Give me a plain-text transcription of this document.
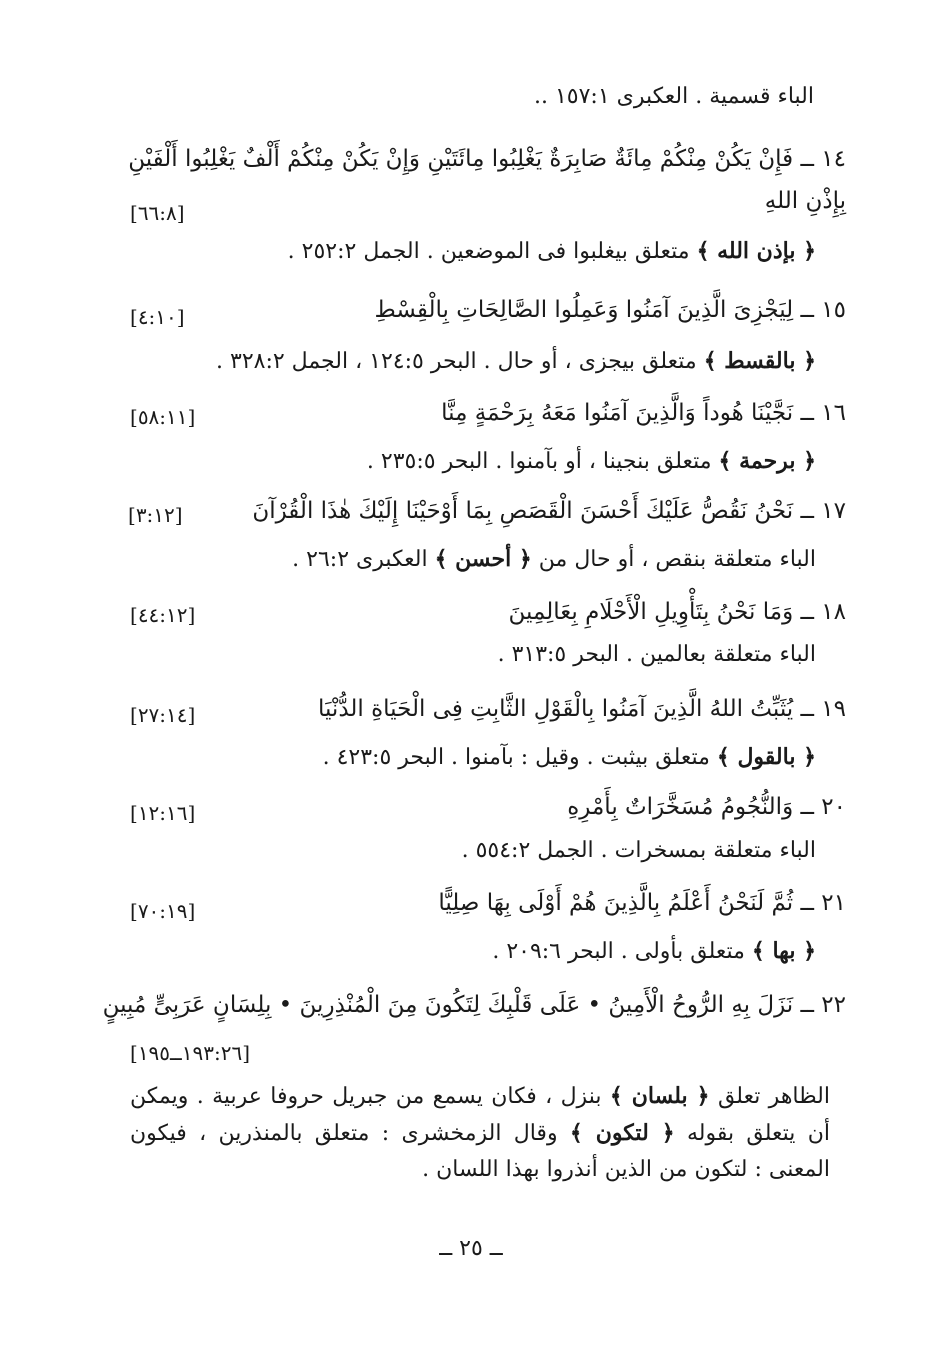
الباء قسمية . العكبرى ١٥٧:١ ..
١٤ ــ فَإِنْ يَكُنْ مِنْكُمْ مِائَةٌ صَابِرَةٌ يَغْلِبُوا مِائَتَيْنِ وَإِنْ يَكُنْ مِنْكُمْ أَلْفٌ يَغْلِبُوا أَلْفَيْنِ
بِإِذْنِ اللهِ
[٦٦:٨]
﴿ بإذن الله ﴾ متعلق بيغلبوا فى الموضعين . الجمل ٢٥٢:٢ .
١٥ ــ لِيَجْزِىَ الَّذِينَ آمَنُوا وَعَمِلُوا الصَّالِحَاتِ بِالْقِسْطِ
[٤:١٠]
﴿ بالقسط ﴾ متعلق بيجزى ، أو حال . البحر ١٢٤:٥ ، الجمل ٣٢٨:٢ .
١٦ ــ نَجَّيْنَا هُوداً وَالَّذِينَ آمَنُوا مَعَهُ بِرَحْمَةٍ مِنَّا
[٥٨:١١]
﴿ برحمة ﴾ متعلق بنجينا ، أو بآمنوا . البحر ٢٣٥:٥ .
١٧ ــ نَحْنُ نَقُصُّ عَلَيْكَ أَحْسَنَ الْقَصَصِ بِمَا أَوْحَيْنَا إِلَيْكَ هٰذَا الْقُرْآنَ
[٣:١٢]
الباء متعلقة بنقص ، أو حال من ﴿ أحسن ﴾ العكبرى ٢٦:٢ .
١٨ ــ وَمَا نَحْنُ بِتَأْوِيلِ الْأَحْلَامِ بِعَالِمِينَ
[٤٤:١٢]
الباء متعلقة بعالمين . البحر ٣١٣:٥ .
١٩ ــ يُثَبِّتُ اللهُ الَّذِينَ آمَنُوا بِالْقَوْلِ الثَّابِتِ فِى الْحَيَاةِ الدُّنْيَا
[٢٧:١٤]
﴿ بالقول ﴾ متعلق بيثبت . وقيل : بآمنوا . البحر ٤٢٣:٥ .
٢٠ ــ وَالنُّجُومُ مُسَخَّرَاتٌ بِأَمْرِهِ
[١٢:١٦]
الباء متعلقة بمسخرات . الجمل ٥٥٤:٢ .
٢١ ــ ثُمَّ لَنَحْنُ أَعْلَمُ بِالَّذِينَ هُمْ أَوْلَى بِهَا صِلِيًّا
[٧٠:١٩]
﴿ بها ﴾ متعلق بأولى . البحر ٢٠٩:٦ .
٢٢ ــ نَزَلَ بِهِ الرُّوحُ الْأَمِينُ • عَلَى قَلْبِكَ لِتَكُونَ مِنَ الْمُنْذِرِينَ • بِلِسَانٍ عَرَبِىٍّ مُبِينٍ
[١٩٣:٢٦ــ١٩٥]
الظاهر تعلق ﴿ بلسان ﴾ بنزل ، فكان يسمع من جبريل حروفا عربية . ويمكن أن يتعلق بقوله ﴿ لتكون ﴾ وقال الزمخشرى : متعلق بالمنذرين ، فيكون المعنى : لتكون من الذين أنذروا بهذا اللسان .
ــ ٢٥ ــ
